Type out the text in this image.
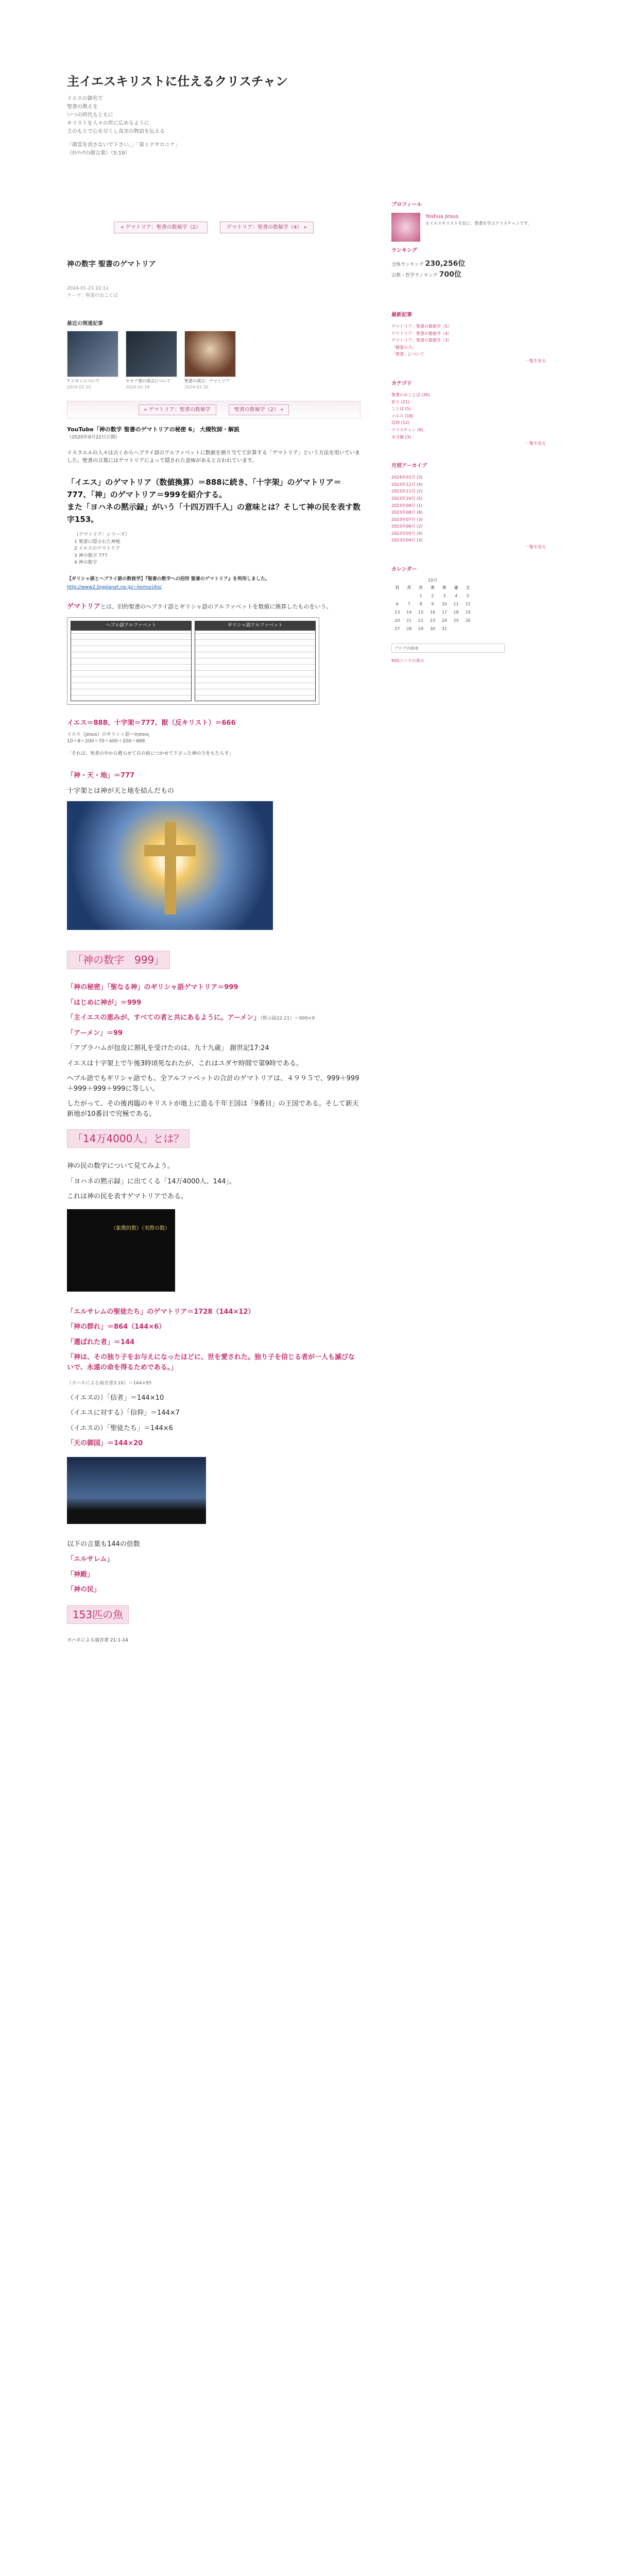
主イエスキリストに仕えるクリスチャン

イエスの御名で

聖書の教えを

いつの時代もともに

キリストを人々の世に広めるように

主のもとで心を尽くし真実の物語を伝える

「御霊を消さないで下さい。」「第１テサロニケ」

（ｶﾄﾘｯｸの御言葉）（5:19）

« ゲマトリア：聖書の数秘学（2）	ゲマトリア：聖書の数秘学（4） »
神の数字 聖書のゲマトリア
2024-01-21 22:11
テーマ：聖書のおことば
最近の関連記事
7 シモンについて
2024-01-15
ホセア書の預言について
2024-01-18
聖書の預言：ゲマトリア
2024-01-20
« ゲマトリア：聖書の数秘学	聖書の数秘学（2） »
YouTube「神の数字 聖書のゲマトリアの秘密 6」 大槻牧師・解説
（2020年8月22日公開）
イスラエルの人々は古くからヘブライ語のアルファベットに数値を割り当てて計算する「ゲマトリア」という方法を用いていました。聖書の言葉にはゲマトリアによって隠された意味があると言われています。
「イエス」のゲマトリア（数値換算）＝888に続き、「十字架」のゲマトリア＝777、「神」のゲマトリア＝999を紹介する。
また「ヨハネの黙示録」がいう「十四万四千人」の意味とは？そして神の民を表す数字153。
（ゲマトリア：シリーズ）
1 聖書に隠された神秘
2 イエスのゲマトリア
3 神の数字 777
4 神の数字
【ギリシャ語とヘブライ語の数秘学】『聖書の数字への招待 聖書のゲマトリア』を利用しました。
http://www2.bigplanet.ne.jp/~kemuri/ko/
ゲマトリアとは、旧約聖書のヘブライ語とギリシャ語のアルファベットを数値に換算したものをいう。
ヘブル語アルファベット	ギリシャ語アルファベット
イエス＝888、十字架＝777、獣（反キリスト）＝666
イエス（Jesus）のギリシャ語＝Iησους
10＋8＋200＋70＋400＋200＝888
「それは、死者の中から甦らせて右の座につかせて下さった神の力をもたらす」
「神・天・地」＝777
十字架とは神が天と地を結んだもの
「神の数字　999」
「神の秘密」「聖なる神」のギリシャ語ゲマトリア＝999
「はじめに神が」＝999
「主イエスの恵みが、すべての者と共にあるように。アーメン」（黙示録22:21）＝999×9
「アーメン」＝99
「アブラハムが包皮に割礼を受けたのは、九十九歳」 創世記17:24
イエスは十字架上で午後3時頃死なれたが、これはユダヤ時間で第9時である。
ヘブル語でもギリシャ語でも、全アルファベットの合計のゲマトリアは、４９９５で、999＋999＋999＋999＋999に等しい。
したがって、その後再臨のキリストが地上に造る千年王国は「9番目」の王国である。そして新天新地が10番目で究極である。
「14万4000人」とは？
神の民の数字について見てみよう。
「ヨハネの黙示録」に出てくる「14万4000人、144」。
これは神の民を表すゲマトリアである。
（象徴的数）（実際の数）
「エルサレムの聖徒たち」のゲマトリア＝1728（144×12）
「神の群れ」＝864（144×6）
「選ばれた者」＝144
「神は、その独り子をお与えになったほどに、世を愛された。独り子を信じる者が一人も滅びないで、永遠の命を得るためである。」
（ヨハネによる福音書3:16）＝144×95
（イエスの）「信者」＝144×10
（イエスに対する）「信仰」＝144×7
（イエスの）「聖徒たち」＝144×6
「天の御国」＝144×20
以下の言葉も144の倍数
「エルサレム」
「神殿」
「神の民」
153匹の魚
ヨハネによる福音書 21:1-14
プロフィール
Yoshua Jesus
主イエスキリストを信じ、聖書を学ぶクリスチャンです。
ランキング
全体ランキング 230,256位
宗教・哲学ランキング 700位
最新記事
ゲマトリア：聖書の数秘学（5）
ゲマトリア：聖書の数秘学（4）
ゲマトリア：聖書の数秘学（3）
「御霊の力」
「聖書」について
一覧を見る
カテゴリ
聖書のおことば (30)
祈り (21)
ことば (5)
イエス (18)
信仰 (12)
クリスチャン (9)
未分類 (3)
一覧を見る
月別アーカイブ
2024年01月 (3)
2023年12月 (4)
2023年11月 (2)
2023年10月 (5)
2023年09月 (1)
2023年08月 (6)
2023年07月 (3)
2023年06月 (2)
2023年05月 (4)
2023年04月 (3)
一覧を見る
カレンダー
10月
日	月	火	水	木	金	土
		1	2	3	4	5
6	7	8	9	10	11	12
13	14	15	16	17	18	19
20	21	22	23	24	25	26
27	28	29	30	31		
ブログ内検索
RSSリンクの表示
